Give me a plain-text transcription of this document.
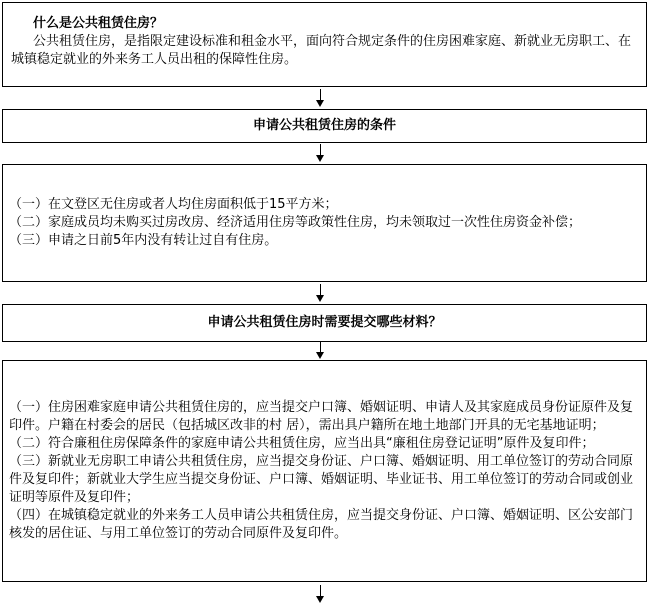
什么是公共租赁住房？
公共租赁住房，是指限定建设标准和租金水平，面向符合规定条件的住房困难家庭、新就业无房职工、在城镇稳定就业的外来务工人员出租的保障性住房。
申请公共租赁住房的条件
（一）在文登区无住房或者人均住房面积低于15平方米；
（二）家庭成员均未购买过房改房、经济适用住房等政策性住房，均未领取过一次性住房资金补偿；
（三）申请之日前5年内没有转让过自有住房。
申请公共租赁住房时需要提交哪些材料？
（一）住房困难家庭申请公共租赁住房的，应当提交户口簿、婚姻证明、申请人及其家庭成员身份证原件及复印件。户籍在村委会的居民（包括城区改非的村 居），需出具户籍所在地土地部门开具的无宅基地证明；
（二）符合廉租住房保障条件的家庭申请公共租赁住房，应当出具“廉租住房登记证明”原件及复印件；
（三）新就业无房职工申请公共租赁住房，应当提交身份证、户口簿、婚姻证明、用工单位签订的劳动合同原件及复印件；新就业大学生应当提交身份证、户口簿、婚姻证明、毕业证书、用工单位签订的劳动合同或创业证明等原件及复印件；
（四）在城镇稳定就业的外来务工人员申请公共租赁住房，应当提交身份证、户口簿、婚姻证明、区公安部门核发的居住证、与用工单位签订的劳动合同原件及复印件。
